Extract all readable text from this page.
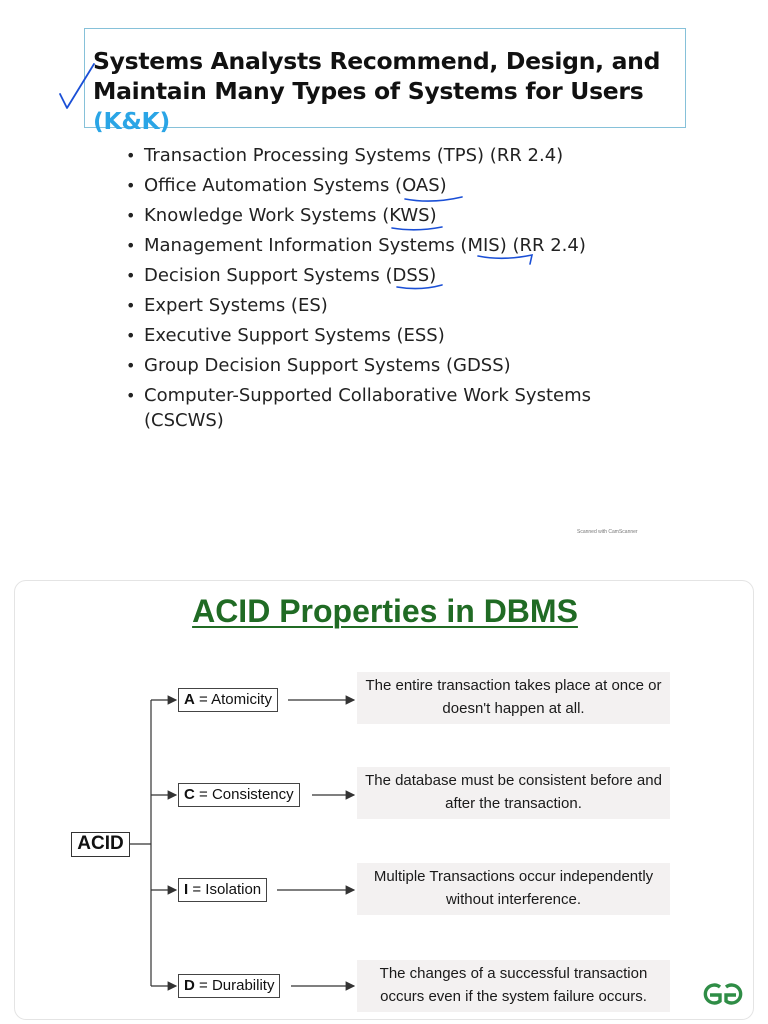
Systems Analysts Recommend, Design, and Maintain Many Types of Systems for Users (K&K)
• Transaction Processing Systems (TPS) (RR 2.4)
• Office Automation Systems (OAS)
• Knowledge Work Systems (KWS)
• Management Information Systems (MIS) (RR 2.4)
• Decision Support Systems (DSS)
• Expert Systems (ES)
• Executive Support Systems (ESS)
• Group Decision Support Systems (GDSS)
• Computer-Supported Collaborative Work Systems (CSCWS)
Scanned with CamScanner
ACID Properties in DBMS
ACID
A = Atomicity
The entire transaction takes place at once or doesn't happen at all.
C = Consistency
The database must be consistent before and after the transaction.
I = Isolation
Multiple Transactions occur independently without interference.
D = Durability
The changes of a successful transaction occurs even if the system failure occurs.
